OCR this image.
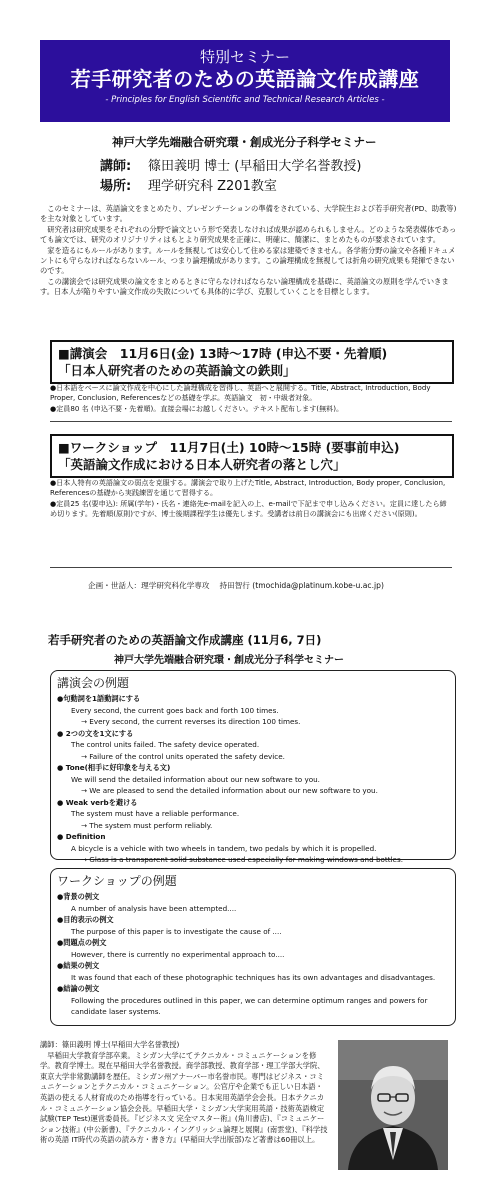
特別セミナー
若手研究者のための英語論文作成講座
- Principles for English Scientific and Technical Research Articles -
神戸大学先端融合研究環・創成光分子科学セミナー
講師: 篠田義明 博士 (早稲田大学名誉教授)
場所: 理学研究科 Z201教室

このセミナーは、英語論文をまとめたり、プレゼンテーションの準備をされている、大学院生および若手研究者(PD、助教等)を主な対象としています。

研究者は研究成果をそれぞれの分野で論文という形で発表しなければ成果が認められもしません。どのような発表媒体であっても論文では、研究のオリジナリティはもとより研究成果を正確に、明確に、簡潔に、まとめたものが要求されています。

家を造るにもルールがあります。ルールを無視しては安心して住める家は建築できません。各学術分野の論文や各種ドキュメントにも守らなければならないルール、つまり論理構成があります。この論理構成を無視しては折角の研究成果も発揮できないのです。

この講演会では研究成果の論文をまとめるときに守らなければならない論理構成を基礎に、英語論文の原則を学んでいきます。日本人が陥りやすい論文作成の失敗についても具体的に学び、克服していくことを目標とします。

■講演会　11月6日(金) 13時～17時 (申込不要・先着順)
「日本人研究者のための英語論文の鉄則」
●日本語をベースに論文作成を中心にした論理構成を習得し、英語へと展開する。Title, Abstract, Introduction, Body Proper, Conclusion, Referencesなどの基礎を学ぶ。英語論文　初・中級者対象。
●定員80 名 (申込不要・先着順)。直接会場にお越しください。テキスト配布します(無料)。
■ワークショップ　11月7日(土) 10時～15時 (要事前申込)
「英語論文作成における日本人研究者の落とし穴」
●日本人特有の英語論文の弱点を克服する。講演会で取り上げたTitle, Abstract, Introduction, Body proper, Conclusion, Referencesの基礎から実践練習を通じて習得する。
●定員25 名(要申込): 所属(学年)・氏名・連絡先e-mailを記入の上、e-mailで下記まで申し込みください。定員に達したら締め切ります。先着順(原則)ですが、博士後期課程学生は優先します。受講者は前日の講演会にも出席ください(原則)。
企画・世話人：理学研究科化学専攻　 持田智行 (tmochida@platinum.kobe-u.ac.jp)
若手研究者のための英語論文作成講座 (11月6, 7日)
神戸大学先端融合研究環・創成光分子科学セミナー
講演会の例題
●句動詞を1語動詞にする
Every second, the current goes back and forth 100 times.
→ Every second, the current reverses its direction 100 times.
● 2つの文を1文にする
The control units failed. The safety device operated.
→ Failure of the control units operated the safety device.
● Tone(相手に好印象を与える文)
We will send the detailed information about our new software to you.
→ We are pleased to send the detailed information about our new software to you.
● Weak verbを避ける
The system must have a reliable performance.
→ The system must perform reliably.
● Definition
A bicycle is a vehicle with two wheels in tandem, two pedals by which it is propelled.
→ Glass is a transparent solid substance used especially for making windows and bottles.
ワークショップの例題
●背景の例文
A number of analysis have been attempted....
●目的表示の例文
The purpose of this paper is to investigate the cause of ....
●問題点の例文
However, there is currently no experimental approach to....
●結果の例文
It was found that each of these photographic techniques has its own advantages and disadvantages.
●結論の例文
Following the procedures outlined in this paper, we can determine optimum ranges and powers for candidate laser systems.
講師：篠田義明 博士(早稲田大学名誉教授)
早稲田大学教育学部卒業。ミシガン大学にてテクニカル・コミュニケーションを修学。教育学博士。現在早稲田大学名誉教授。商学部教授、教育学部・理工学部大学院、東京大学非常勤講師を歴任。ミシガン州アナーバー市名誉市民。専門はビジネス・コミュニケーションとテクニカル・コミュニケーション。公官庁や企業でも正しい日本語・英語の使える人材育成のため指導を行っている。日本実用英語学会会長。日本テクニカル・コミュニケーション協会会長。早稲田大学・ミシガン大学実用英語・技術英語検定試験(TEP Test)運営委員長。『ビジネス文 完全マスター術』(角川書店)、『コミュニケーション技術』(中公新書)、『テクニカル・イングリッシュ論理と展開』(南雲堂)、『科学技術の英語 IT時代の英語の読み方・書き方』(早稲田大学出版部)など著書は60冊以上。
